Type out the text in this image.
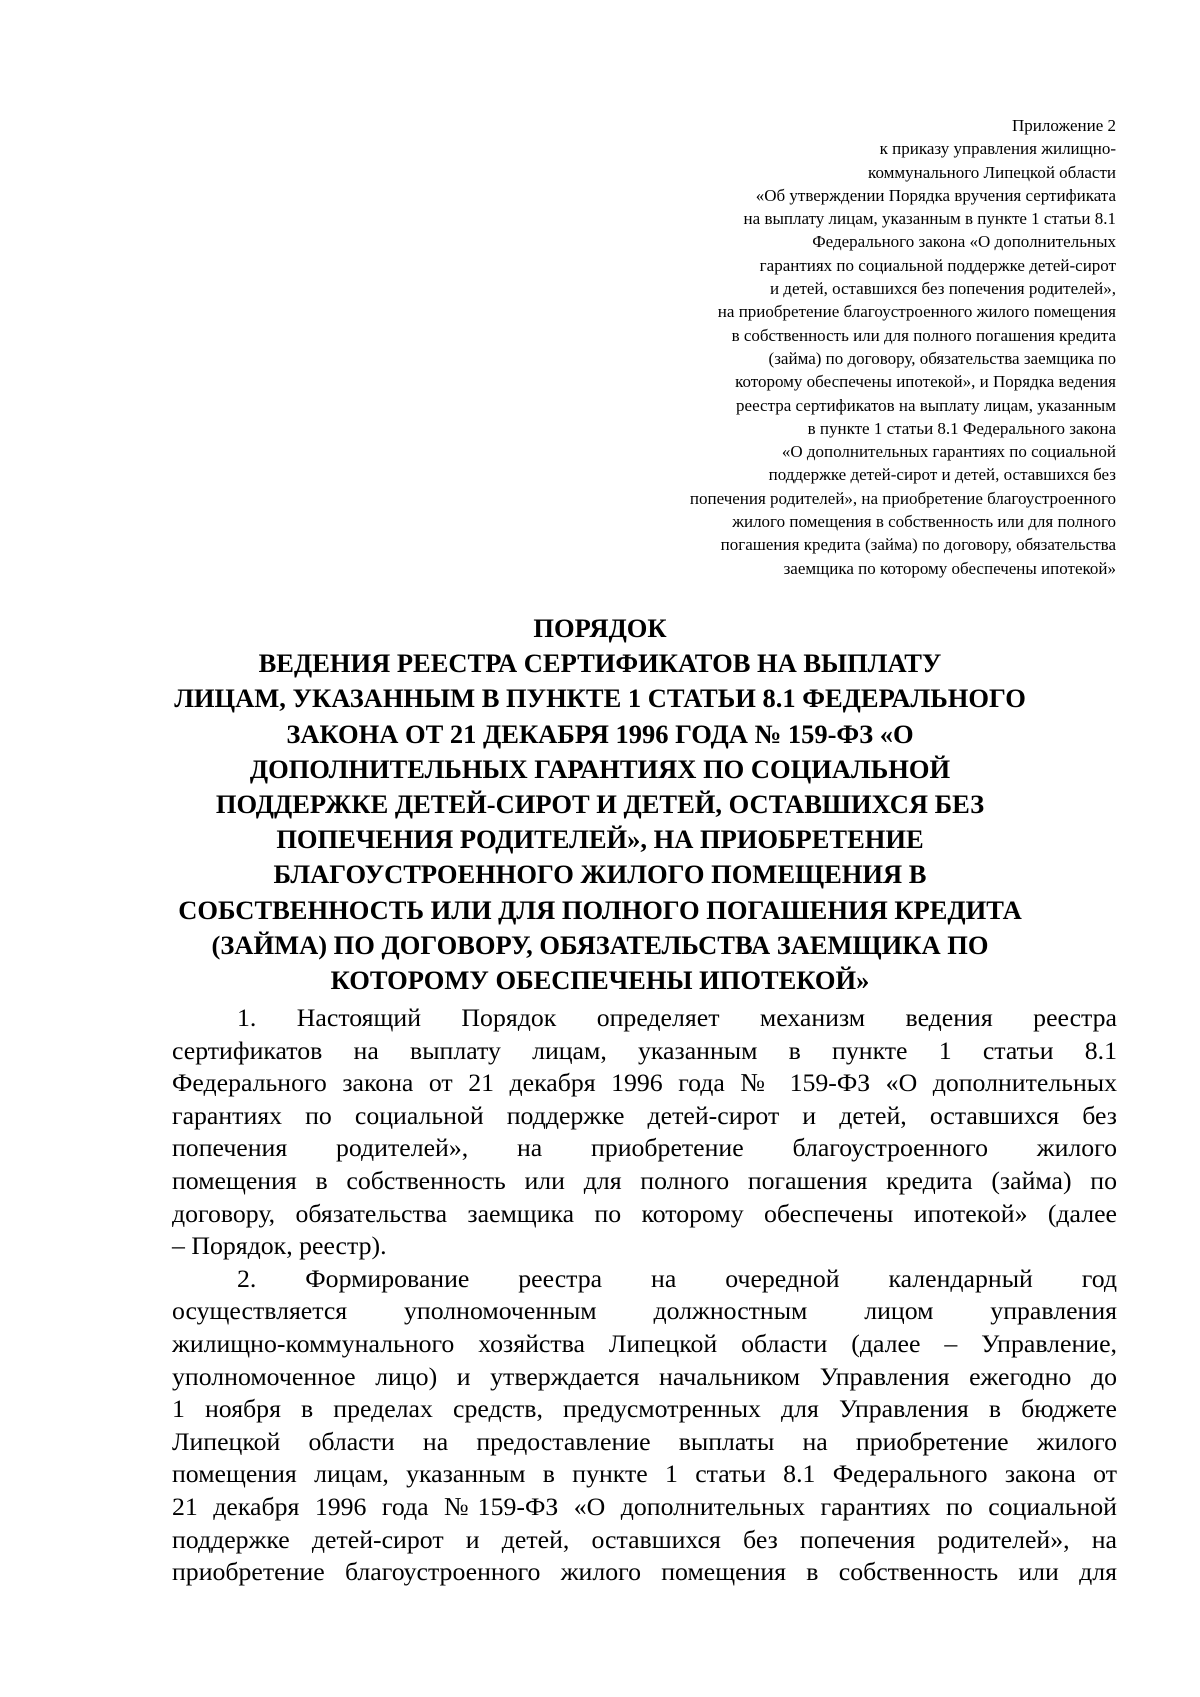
Приложение 2
к приказу управления жилищно-
коммунального Липецкой области
«Об утверждении Порядка вручения сертификата
на выплату лицам, указанным в пункте 1 статьи 8.1
Федерального закона «О дополнительных
гарантиях по социальной поддержке детей-сирот
и детей, оставшихся без попечения родителей»,
на приобретение благоустроенного жилого помещения
в собственность или для полного погашения кредита
(займа) по договору, обязательства заемщика по
которому обеспечены ипотекой», и Порядка ведения
реестра сертификатов на выплату лицам, указанным
в пункте 1 статьи 8.1 Федерального закона
«О дополнительных гарантиях по социальной
поддержке детей-сирот и детей, оставшихся без
попечения родителей», на приобретение благоустроенного
жилого помещения в собственность или для полного
погашения кредита (займа) по договору, обязательства
заемщика по которому обеспечены ипотекой»
ПОРЯДОК
ВЕДЕНИЯ РЕЕСТРА СЕРТИФИКАТОВ НА ВЫПЛАТУ
ЛИЦАМ, УКАЗАННЫМ В ПУНКТЕ 1 СТАТЬИ 8.1 ФЕДЕРАЛЬНОГО
ЗАКОНА ОТ 21 ДЕКАБРЯ 1996 ГОДА № 159-ФЗ «О
ДОПОЛНИТЕЛЬНЫХ ГАРАНТИЯХ ПО СОЦИАЛЬНОЙ
ПОДДЕРЖКЕ ДЕТЕЙ-СИРОТ И ДЕТЕЙ, ОСТАВШИХСЯ БЕЗ
ПОПЕЧЕНИЯ РОДИТЕЛЕЙ», НА ПРИОБРЕТЕНИЕ
БЛАГОУСТРОЕННОГО ЖИЛОГО ПОМЕЩЕНИЯ В
СОБСТВЕННОСТЬ ИЛИ ДЛЯ ПОЛНОГО ПОГАШЕНИЯ КРЕДИТА
(ЗАЙМА) ПО ДОГОВОРУ, ОБЯЗАТЕЛЬСТВА ЗАЕМЩИКА ПО
КОТОРОМУ ОБЕСПЕЧЕНЫ ИПОТЕКОЙ»
1. Настоящий Порядок определяет механизм ведения реестра
сертификатов на выплату лицам, указанным в пункте 1 статьи 8.1
Федерального закона от 21 декабря 1996 года № 159-ФЗ «О дополнительных
гарантиях по социальной поддержке детей-сирот и детей, оставшихся без
попечения родителей», на приобретение благоустроенного жилого
помещения в собственность или для полного погашения кредита (займа) по
договору, обязательства заемщика по которому обеспечены ипотекой» (далее
– Порядок, реестр).
2. Формирование реестра на очередной календарный год
осуществляется уполномоченным должностным лицом управления
жилищно-коммунального хозяйства Липецкой области (далее – Управление,
уполномоченное лицо) и утверждается начальником Управления ежегодно до
1 ноября в пределах средств, предусмотренных для Управления в бюджете
Липецкой области на предоставление выплаты на приобретение жилого
помещения лицам, указанным в пункте 1 статьи 8.1 Федерального закона от
21 декабря 1996 года №159-ФЗ «О дополнительных гарантиях по социальной
поддержке детей-сирот и детей, оставшихся без попечения родителей», на
приобретение благоустроенного жилого помещения в собственность или для
